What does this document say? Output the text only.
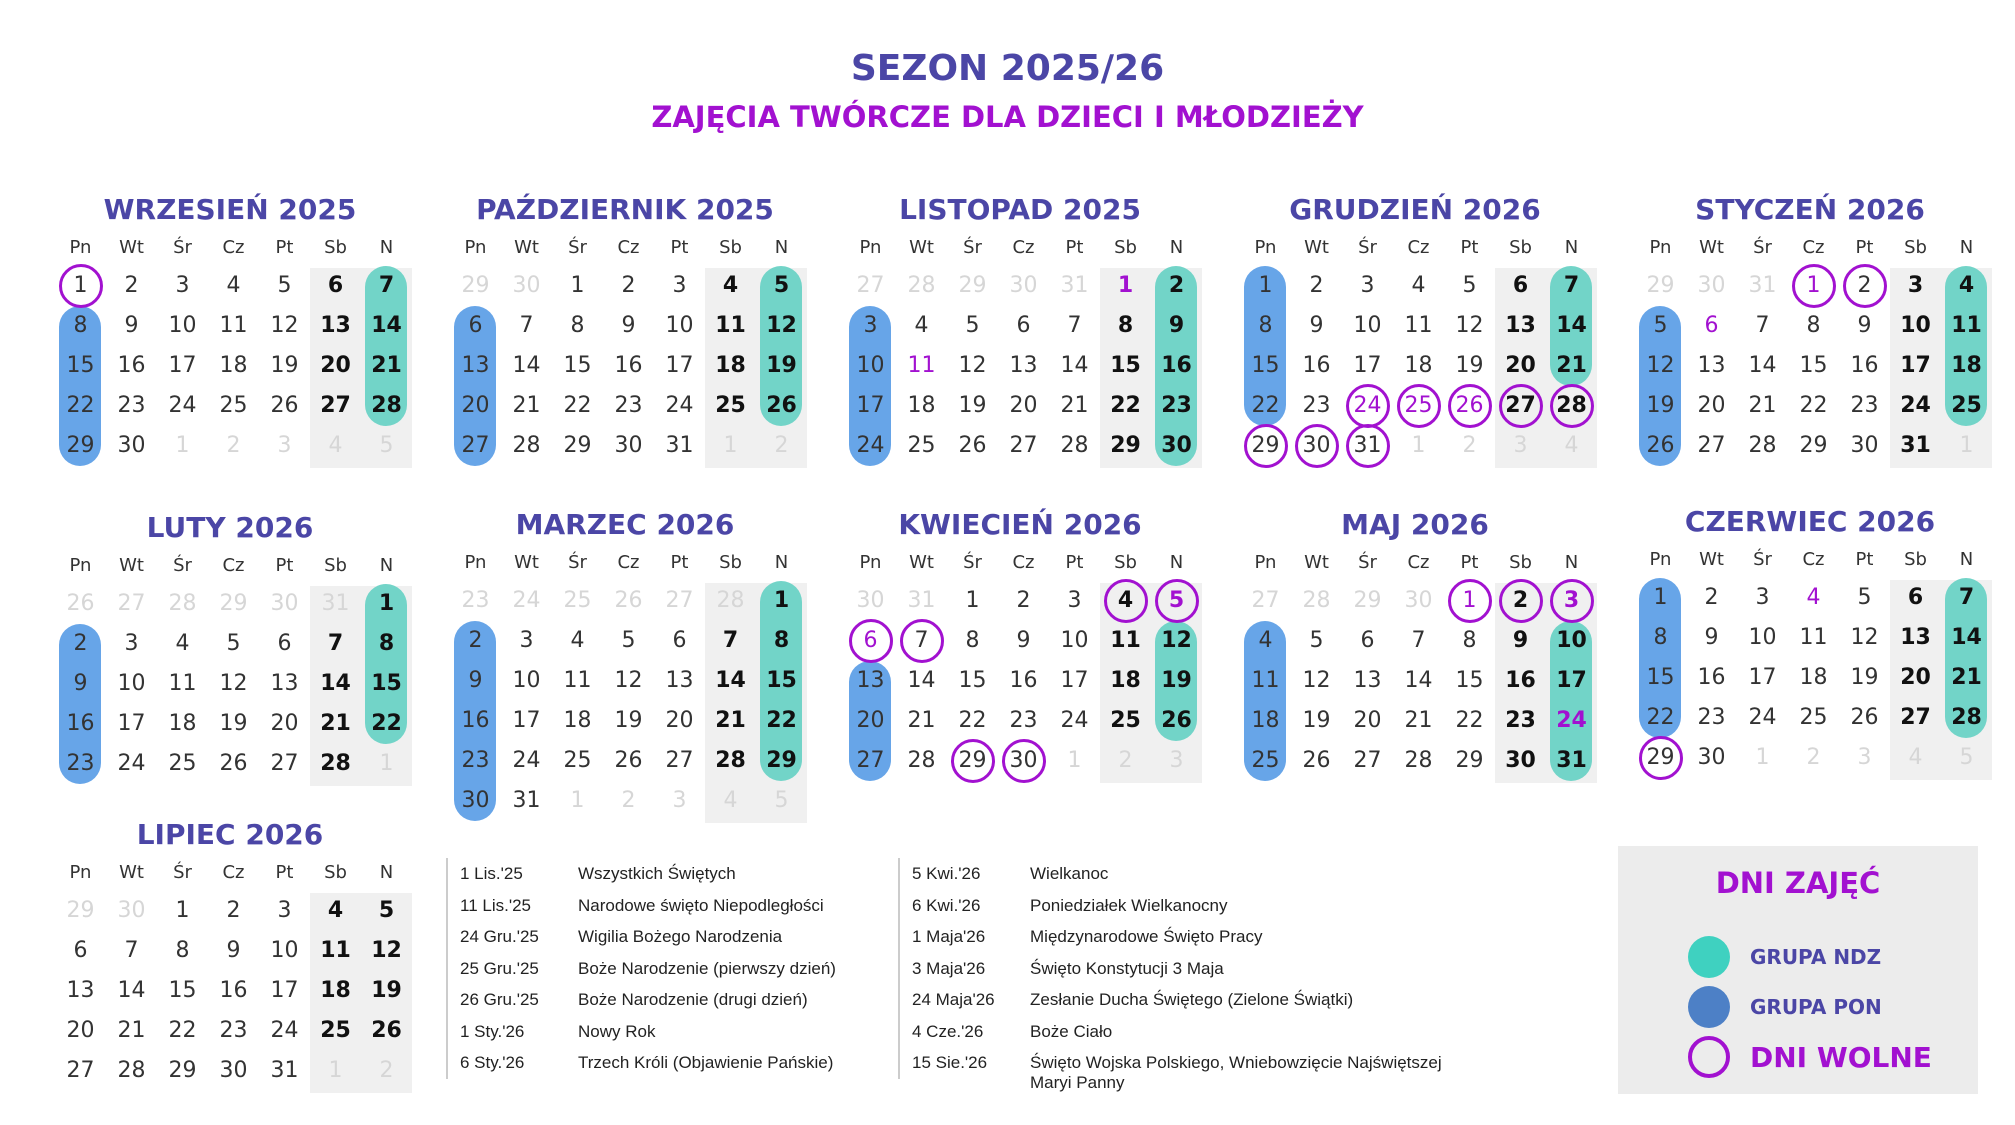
SEZON 2025/26
ZAJĘCIA TWÓRCZE DLA DZIECI I MŁODZIEŻY
WRZESIEŃ 2025
Pn	Wt	Śr	Cz	Pt	Sb	N
1	2	3	4	5	6	7
8	9	10	11	12 13 14
15	16	17	18	19 20 21
22	23	24	25	26 27 28
29	30	1	2	3	4	5
PAŹDZIERNIK 2025
Pn	Wt	Śr	Cz	Pt	Sb	N
29	30	1	2	3	4	5
6	7	8	9	10 11 12
13	14	15	16	17 18 19
20	21	22	23	24 25 26
27	28	29	30	31	1	2
LISTOPAD 2025
Pn	Wt	Śr	Cz	Pt	Sb	N
27	28	29	30	31	1	2
3	4	5	6	7	8	9
10	11	12	13	14 15 16
17	18	19	20	21 22 23
24	25	26	27	28 29 30
GRUDZIEŃ 2026
Pn	Wt	Śr	Cz	Pt	Sb	N
1	2	3	4	5	6	7
8	9	10	11	12 13 14
15	16	17	18	19 20 21
22	23	24	25	26 27 28
29	30	31	1	2	3	4
STYCZEŃ 2026
Pn	Wt	Śr	Cz	Pt	Sb	N
29	30	31	1	2	3	4
5	6	7	8	9	10 11
12	13	14	15	16 17 18
19	20	21	22	23 24 25
26	27	28	29	30 31	1
LUTY 2026
Pn	Wt	Śr	Cz	Pt	Sb	N
26	27	28	29	30	31	1
2	3	4	5	6	7	8
9	10	11	12	13 14 15
16	17	18	19	20 21 22
23	24	25	26	27 28	1
MARZEC 2026
Pn	Wt	Śr	Cz	Pt	Sb	N
23	24	25	26	27	28	1
2	3	4	5	6	7	8
9	10	11	12	13 14 15
16	17	18	19	20 21 22
23	24	25	26	27 28 29
30	31	1	2	3	4	5
KWIECIEŃ 2026
Pn	Wt	Śr	Cz	Pt	Sb	N
30	31	1	2	3	4	5
6	7	8	9	10 11 12
13	14	15	16	17 18 19
20	21	22	23	24 25 26
27	28	29	30	1	2	3
MAJ 2026
Pn	Wt	Śr	Cz	Pt	Sb	N
27	28	29	30	1	2	3
4	5	6	7	8	9	10
11	12	13	14	15 16 17
18	19	20	21	22 23 24
25	26	27	28	29 30 31
CZERWIEC 2026
Pn	Wt	Śr	Cz	Pt	Sb	N
1	2	3	4	5	6	7
8	9	10	11	12 13 14
15	16	17	18	19 20 21
22	23	24	25	26 27 28
29	30	1	2	3	4	5
LIPIEC 2026
Pn	Wt	Śr	Cz	Pt	Sb	N
29	30	1	2	3	4	5
6	7	8	9	10 11 12
13	14	15	16	17 18 19
20	21	22	23	24 25 26
27	28	29	30	31	1	2
1 Lis.'25	Wszystkich Świętych
11 Lis.'25	Narodowe święto Niepodległości
24 Gru.'25	Wigilia Bożego Narodzenia
25 Gru.'25	Boże Narodzenie (pierwszy dzień)
26 Gru.'25	Boże Narodzenie (drugi dzień)
1 Sty.'26	Nowy Rok
6 Sty.'26	Trzech Króli (Objawienie Pańskie)
5 Kwi.'26	Wielkanoc
6 Kwi.'26	Poniedziałek Wielkanocny
1 Maja'26	Międzynarodowe Święto Pracy
3 Maja'26	Święto Konstytucji 3 Maja
24 Maja'26	Zesłanie Ducha Świętego (Zielone Świątki)
4 Cze.'26	Boże Ciało
15 Sie.'26	Święto Wojska Polskiego, Wniebowzięcie Najświętszej Maryi Panny
DNI ZAJĘĆ
GRUPA NDZ
GRUPA PON
DNI WOLNE
